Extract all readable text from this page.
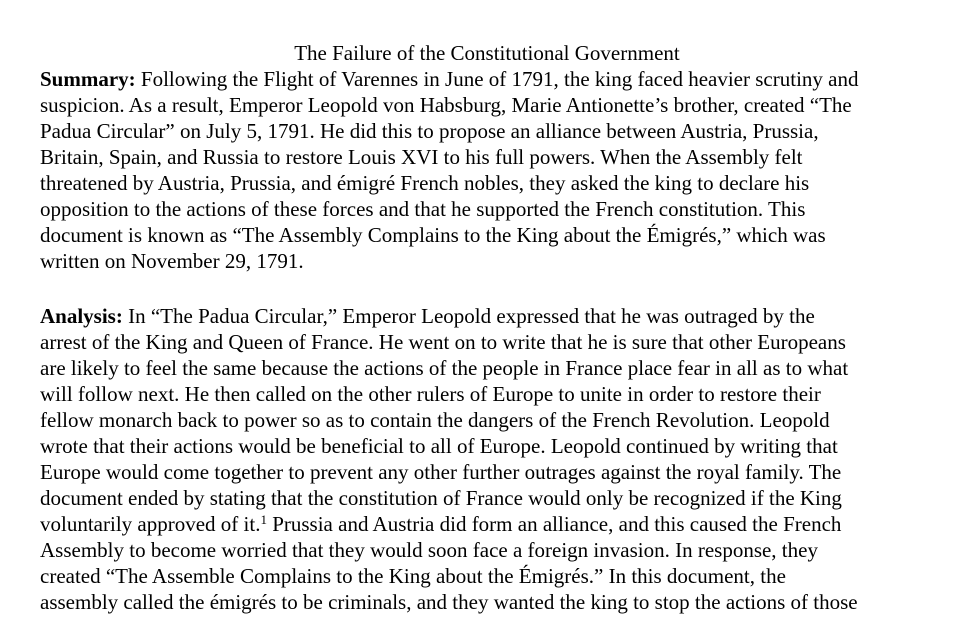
The Failure of the Constitutional Government
Summary: Following the Flight of Varennes in June of 1791, the king faced heavier scrutiny and
suspicion. As a result, Emperor Leopold von Habsburg, Marie Antionette’s brother, created “The
Padua Circular” on July 5, 1791. He did this to propose an alliance between Austria, Prussia,
Britain, Spain, and Russia to restore Louis XVI to his full powers. When the Assembly felt
threatened by Austria, Prussia, and émigré French nobles, they asked the king to declare his
opposition to the actions of these forces and that he supported the French constitution. This
document is known as “The Assembly Complains to the King about the Émigrés,” which was
written on November 29, 1791.
Analysis: In “The Padua Circular,” Emperor Leopold expressed that he was outraged by the
arrest of the King and Queen of France. He went on to write that he is sure that other Europeans
are likely to feel the same because the actions of the people in France place fear in all as to what
will follow next. He then called on the other rulers of Europe to unite in order to restore their
fellow monarch back to power so as to contain the dangers of the French Revolution. Leopold
wrote that their actions would be beneficial to all of Europe. Leopold continued by writing that
Europe would come together to prevent any other further outrages against the royal family. The
document ended by stating that the constitution of France would only be recognized if the King
voluntarily approved of it.$^1$ Prussia and Austria did form an alliance, and this caused the French
Assembly to become worried that they would soon face a foreign invasion. In response, they
created “The Assemble Complains to the King about the Émigrés.” In this document, the
assembly called the émigrés to be criminals, and they wanted the king to stop the actions of those
